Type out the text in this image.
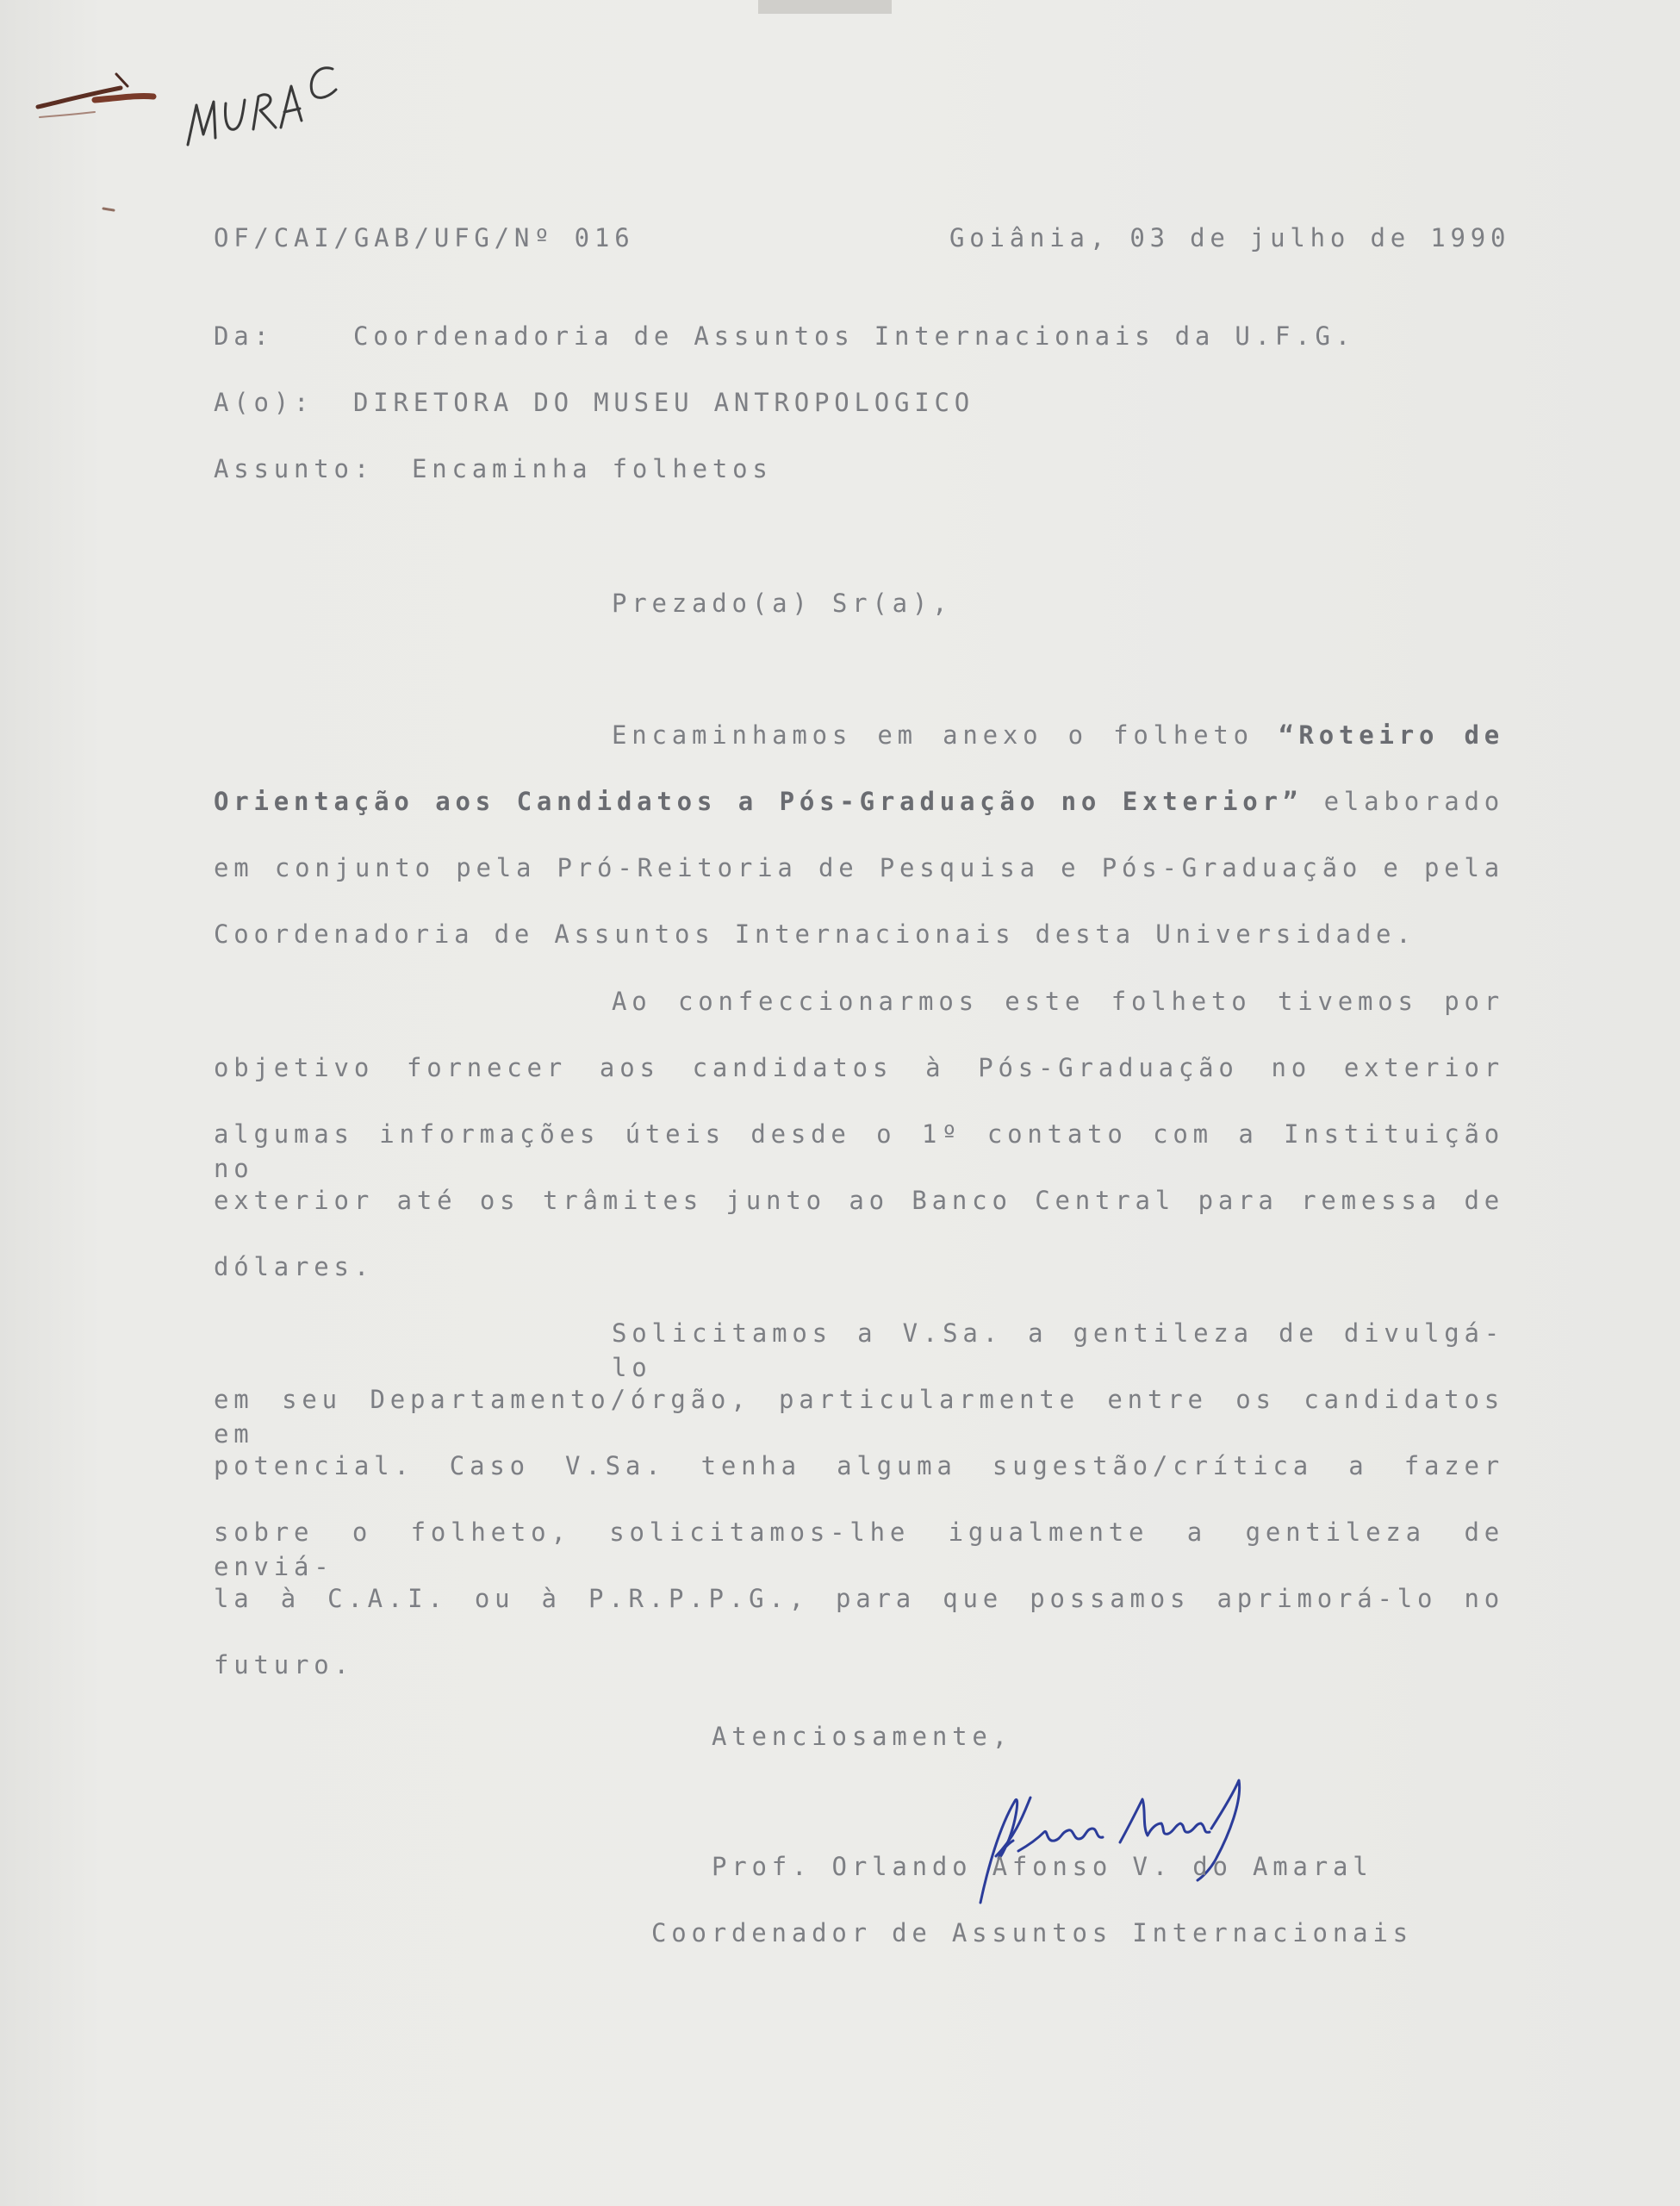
OF/CAI/GAB/UFG/Nº 016	Goiânia, 03 de julho de 1990
Da:	Coordenadoria de Assuntos Internacionais da U.F.G.
A(o): DIRETORA DO MUSEU ANTROPOLOGICO
Assunto: Encaminha folhetos
Prezado(a) Sr(a),
Encaminhamos em anexo o folheto “Roteiro de
Orientação aos Candidatos a Pós-Graduação no Exterior” elaborado
em conjunto pela Pró-Reitoria de Pesquisa e Pós-Graduação e pela
Coordenadoria de Assuntos Internacionais desta Universidade.
Ao confeccionarmos este folheto tivemos por
objetivo fornecer aos candidatos à Pós-Graduação no exterior
algumas informações úteis desde o 1º contato com a Instituição no
exterior até os trâmites junto ao Banco Central para remessa de
dólares.
Solicitamos a V.Sa. a gentileza de divulgá-lo
em seu Departamento/órgão, particularmente entre os candidatos em
potencial. Caso V.Sa. tenha alguma sugestão/crítica a fazer
sobre o folheto, solicitamos-lhe igualmente a gentileza de enviá-
la à C.A.I. ou à P.R.P.P.G., para que possamos aprimorá-lo no
futuro.
Atenciosamente,
Prof. Orlando Afonso V. do Amaral
Coordenador de Assuntos Internacionais
